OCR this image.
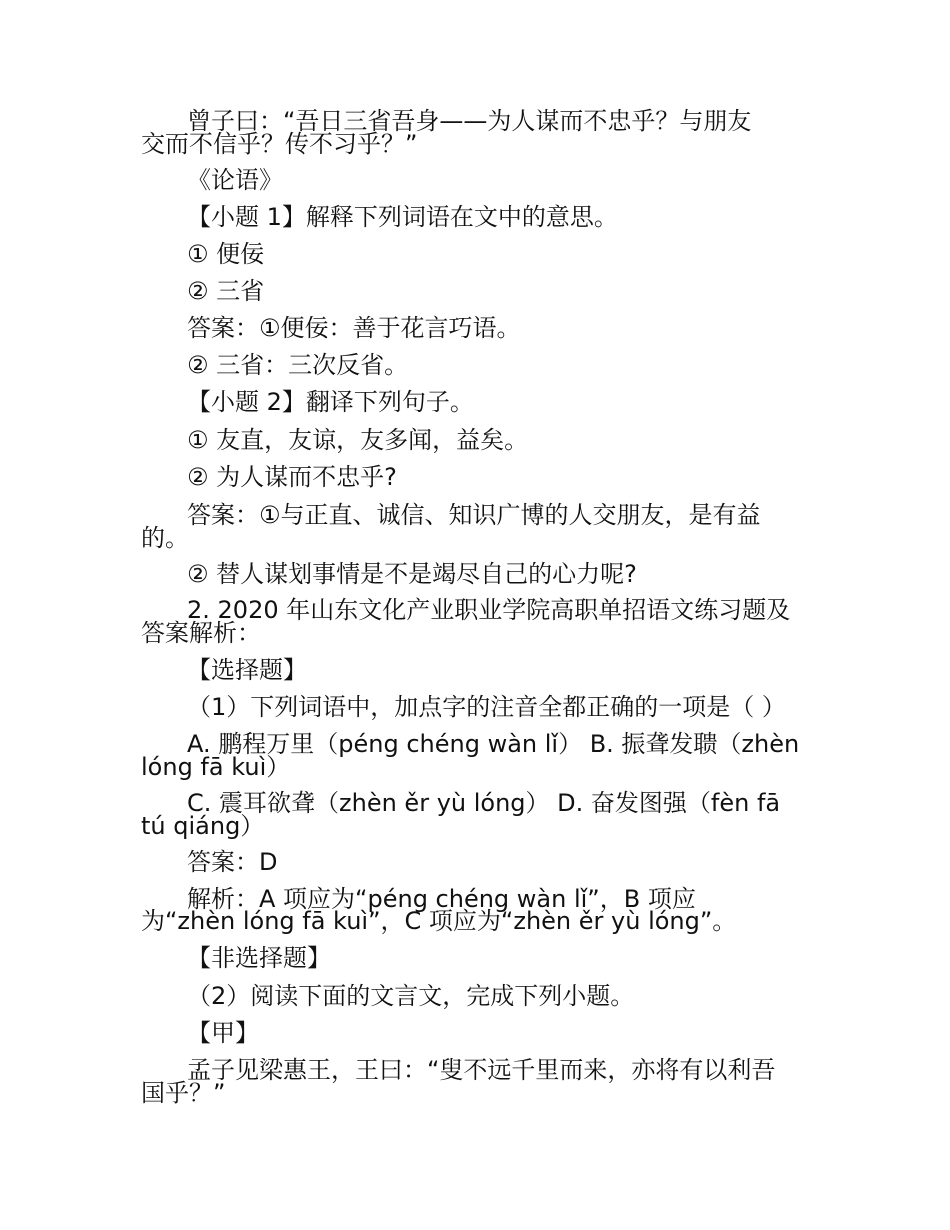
曾子曰：“吾日三省吾身——为人谋而不忠乎？与朋友
交而不信乎？传不习乎？”
《论语》
【小题 1】解释下列词语在文中的意思。
① 便佞
② 三省
答案：①便佞：善于花言巧语。
② 三省：三次反省。
【小题 2】翻译下列句子。
① 友直，友谅，友多闻，益矣。
② 为人谋而不忠乎?
答案：①与正直、诚信、知识广博的人交朋友，是有益
的。
② 替人谋划事情是不是竭尽自己的心力呢?
2. 2020 年山东文化产业职业学院高职单招语文练习题及
答案解析：
【选择题】
（1）下列词语中，加点字的注音全都正确的一项是（ ）
A. 鹏程万里（péng chéng wàn lǐ） B. 振聋发聩（zhèn
lóng fā kuì）
C. 震耳欲聋（zhèn ěr yù lóng） D. 奋发图强（fèn fā
tú qiáng）
答案：D
解析：A 项应为“péng chéng wàn lǐ”，B 项应
为“zhèn lóng fā kuì”，C 项应为“zhèn ěr yù lóng”。
【非选择题】
（2）阅读下面的文言文，完成下列小题。
【甲】
孟子见梁惠王，王曰：“叟不远千里而来，亦将有以利吾
国乎？”
